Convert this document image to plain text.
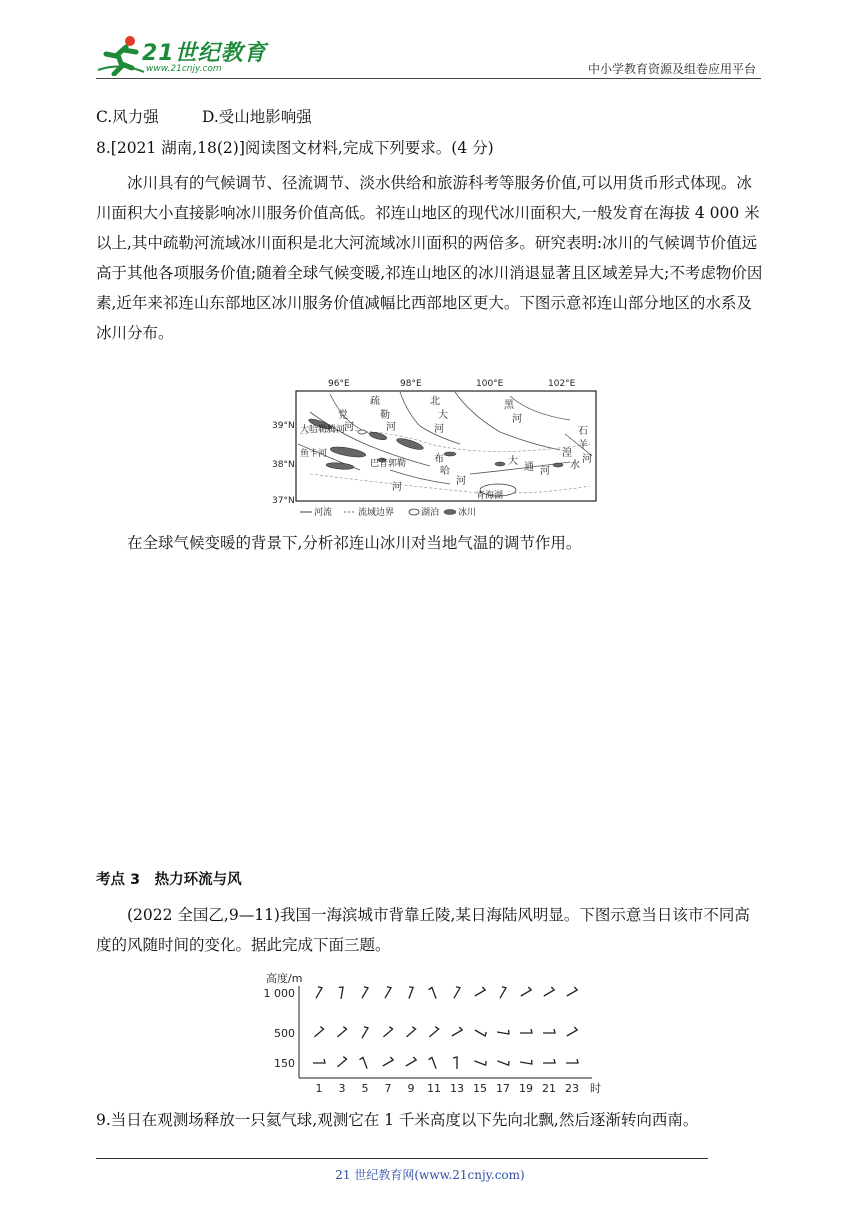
21世纪教育
www.21cnjy.com	中小学教育资源及组卷应用平台
C.风力强	D.受山地影响强
8.[2021 湖南,18(2)]阅读图文材料,完成下列要求。(4 分)

冰川具有的气候调节、径流调节、淡水供给和旅游科考等服务价值,可以用货币形式体现。冰川面积大小直接影响冰川服务价值高低。祁连山地区的现代冰川面积大,一般发育在海拔 4 000 米以上,其中疏勒河流域冰川面积是北大河流域冰川面积的两倍多。研究表明:冰川的气候调节价值远高于其他各项服务价值;随着全球气候变暖,祁连山地区的冰川消退显著且区域差异大;不考虑物价因素,近年来祁连山东部地区冰川服务价值减幅比西部地区更大。下图示意祁连山部分地区的水系及冰川分布。

96°E	98°E	100°E	102°E
39°N
38°N
37°N
疏
勒
河
北
大
河
黑
河
党
河
大哈勒腾河
鱼卡河
巴音郭勒
河
布
哈
河
大
通 河
湟
水
石
羊
河
青海湖
河流	流域边界	湖泊 冰川

在全球气候变暖的背景下,分析祁连山冰川对当地气温的调节作用。

考点 3　热力环流与风

(2022 全国乙,9—11)我国一海滨城市背靠丘陵,某日海陆风明显。下图示意当日该市不同高度的风随时间的变化。据此完成下面三题。

高度/m
1 000
500
150
1 3 5 7 9 11 13 15 17 19 21 23 时
9.当日在观测场释放一只氦气球,观测它在 1 千米高度以下先向北飘,然后逐渐转向西南。
21 世纪教育网(www.21cnjy.com)
